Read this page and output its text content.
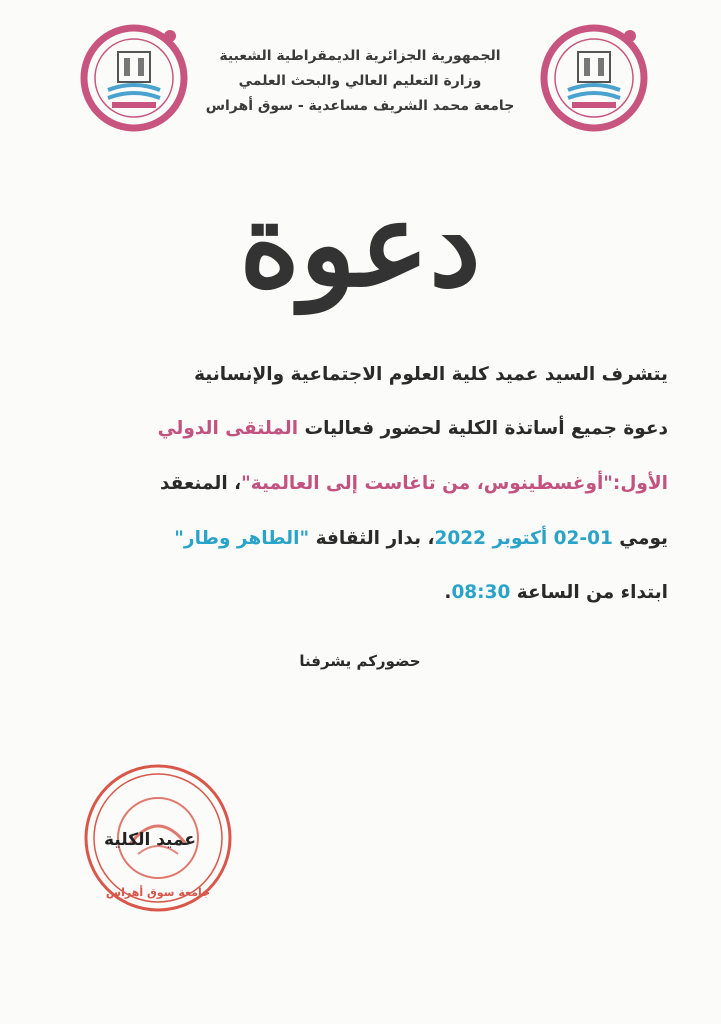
الجمهورية الجزائرية الديمقراطية الشعبية
وزارة التعليم العالي والبحث العلمي
جامعة محمد الشريف مساعدية - سوق أهراس
دعوة
يتشرف السيد عميد كلية العلوم الاجتماعية والإنسانية
دعوة جميع أساتذة الكلية لحضور فعاليات الملتقى الدولي
الأول:"أوغسطينوس، من تاغاست إلى العالمية"، المنعقد
يومي 01-02 أكتوبر 2022، بدار الثقافة "الطاهر وطار"
ابتداء من الساعة 08:30.
حضوركم يشرفنا
جامعة سوق أهراس
عميد الكلية
